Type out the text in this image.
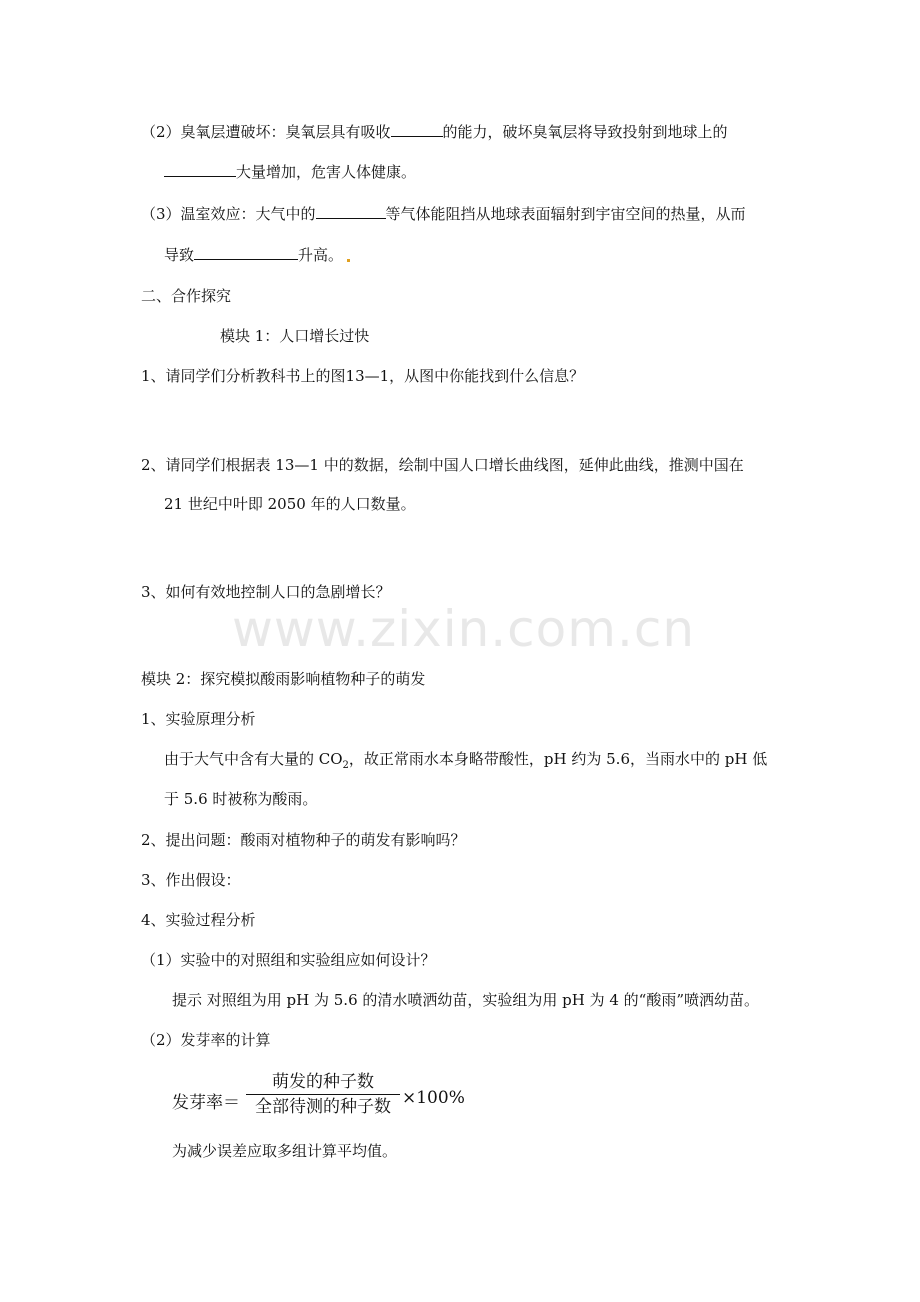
www.zixin.com.cn
（2）臭氧层遭破坏：臭氧层具有吸收	的能力，破坏臭氧层将导致投射到地球上的
大量增加，危害人体健康。
（3）温室效应：大气中的	等气体能阻挡从地球表面辐射到宇宙空间的热量，从而
导致	升高。
二、合作探究
模块 1：人口增长过快
1、请同学们分析教科书上的图13—1，从图中你能找到什么信息？
2、请同学们根据表 13—1 中的数据，绘制中国人口增长曲线图，延伸此曲线，推测中国在
21 世纪中叶即 2050 年的人口数量。
3、如何有效地控制人口的急剧增长？
模块 2：探究模拟酸雨影响植物种子的萌发
1、实验原理分析
由于大气中含有大量的 $CO_2$，故正常雨水本身略带酸性，pH 约为 5.6，当雨水中的 pH 低
于 5.6 时被称为酸雨。
2、提出问题：酸雨对植物种子的萌发有影响吗？
3、作出假设：
4、实验过程分析
（1）实验中的对照组和实验组应如何设计？
提示 对照组为用 pH 为 5.6 的清水喷洒幼苗，实验组为用 pH 为 4 的“酸雨”喷洒幼苗。
（2）发芽率的计算
发芽率＝
萌发的种子数
全部待测的种子数 ×100%
为减少误差应取多组计算平均值。
